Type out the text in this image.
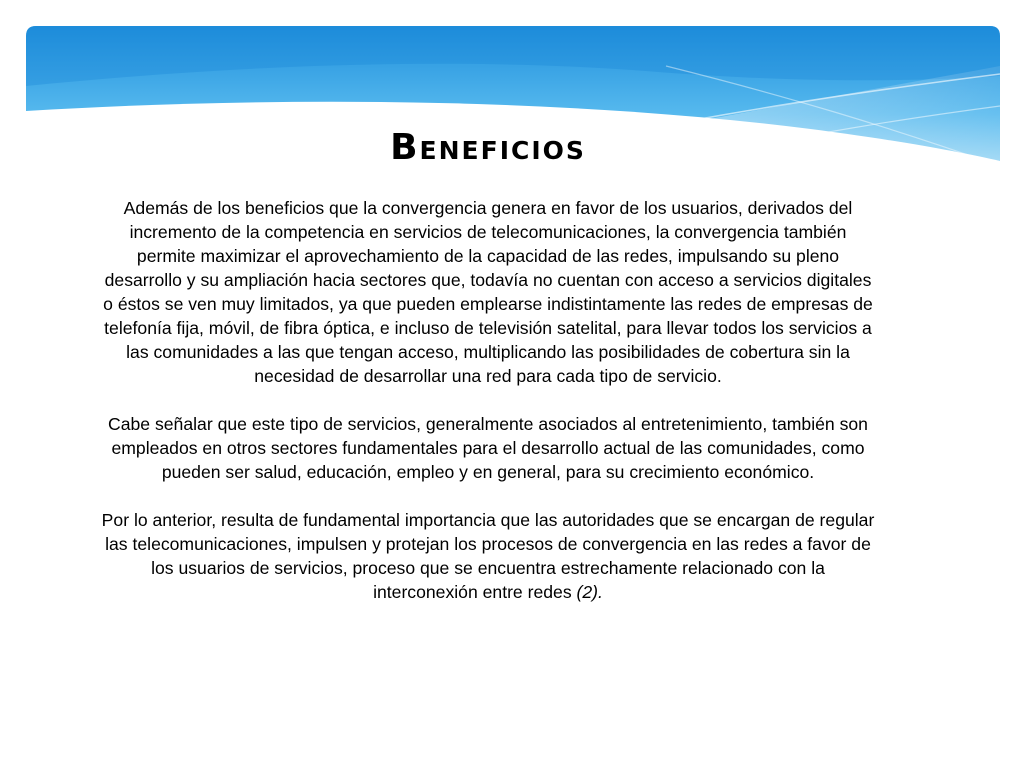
Beneficios

Además de los beneficios que la convergencia genera en favor de los usuarios, derivados del incremento de la competencia en servicios de telecomunicaciones, la convergencia también permite maximizar el aprovechamiento de la capacidad de las redes, impulsando su pleno desarrollo y su ampliación hacia sectores que, todavía no cuentan con acceso a servicios digitales o éstos se ven muy limitados, ya que pueden emplearse indistintamente las redes de empresas de telefonía fija, móvil, de fibra óptica, e incluso de televisión satelital, para llevar todos los servicios a las comunidades a las que tengan acceso, multiplicando las posibilidades de cobertura sin la necesidad de desarrollar una red para cada tipo de servicio.

Cabe señalar que este tipo de servicios, generalmente asociados al entretenimiento, también son empleados en otros sectores fundamentales para el desarrollo actual de las comunidades, como pueden ser salud, educación, empleo y en general, para su crecimiento económico.

Por lo anterior, resulta de fundamental importancia que las autoridades que se encargan de regular las telecomunicaciones, impulsen y protejan los procesos de convergencia en las redes a favor de los usuarios de servicios, proceso que se encuentra estrechamente relacionado con la interconexión entre redes (2).
